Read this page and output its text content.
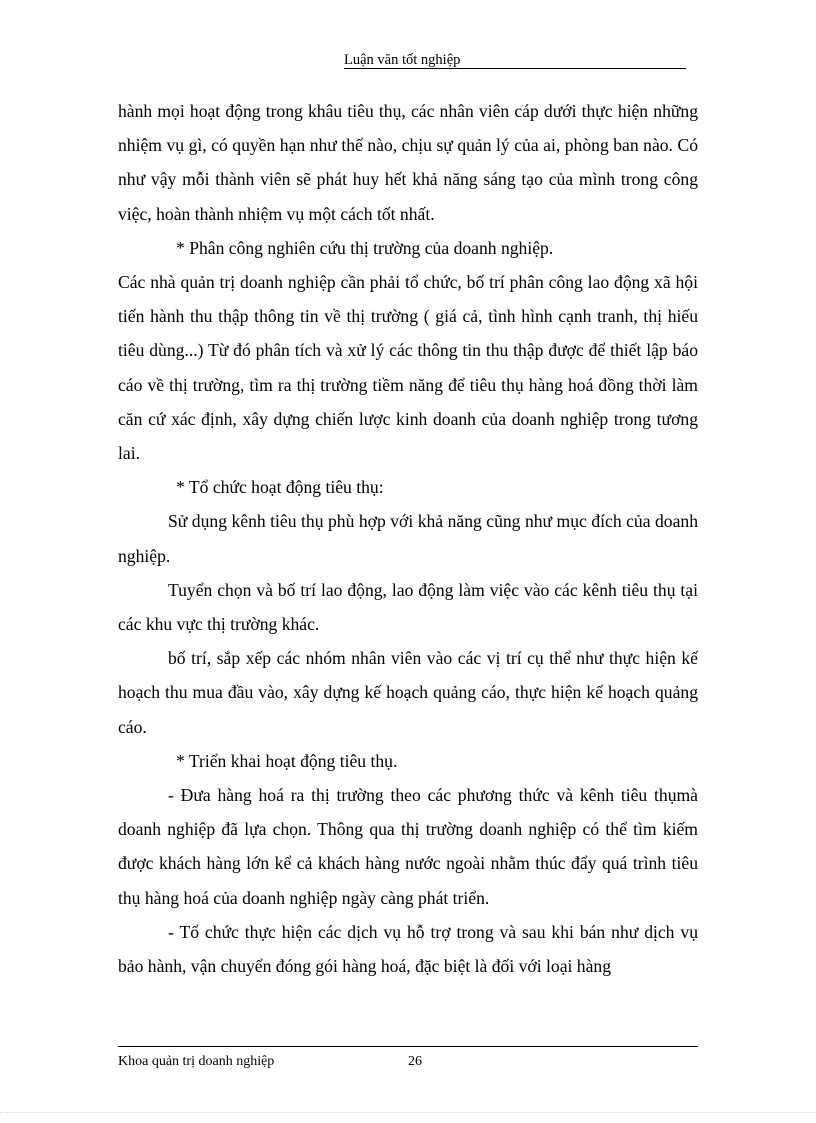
Luận văn tốt nghiệp

hành mọi hoạt động trong khâu tiêu thụ, các nhân viên cáp dưới thực hiện những nhiệm vụ gì, có quyền hạn như thế nào, chịu sự quản lý của ai, phòng ban nào. Có như vậy mỗi thành viên sẽ phát huy hết khả năng sáng tạo của mình trong công việc, hoàn thành nhiệm vụ một cách tốt nhất.

* Phân công nghiên cứu thị trường của doanh nghiệp.

Các nhà quản trị doanh nghiệp cần phải tổ chức, bố trí phân công lao động xã hội tiến hành thu thập thông tin về thị trường ( giá cả, tình hình cạnh tranh, thị hiếu tiêu dùng...) Từ đó phân tích và xử lý các thông tin thu thập được để thiết lập báo cáo về thị trường, tìm ra thị trường tiềm năng để tiêu thụ hàng hoá đồng thời làm căn cứ xác định, xây dựng chiến lược kinh doanh của doanh nghiệp trong tương lai.

* Tổ chức hoạt động tiêu thụ:

Sử dụng kênh tiêu thụ phù hợp với khả năng cũng như mục đích của doanh nghiệp.

Tuyển chọn và bố trí lao động, lao động làm việc vào các kênh tiêu thụ tại các khu vực thị trường khác.

bố trí, sắp xếp các nhóm nhân viên vào các vị trí cụ thể như thực hiện kế hoạch thu mua đầu vào, xây dựng kế hoạch quảng cáo, thực hiện kế hoạch quảng cáo.

* Triển khai hoạt động tiêu thụ.

- Đưa hàng hoá ra thị trường theo các phương thức và kênh tiêu thụmà doanh nghiệp đã lựa chọn. Thông qua thị trường doanh nghiệp có thể tìm kiếm được khách hàng lớn kể cả khách hàng nước ngoài nhằm thúc đẩy quá trình tiêu thụ hàng hoá của doanh nghiệp ngày càng phát triển.

- Tổ chức thực hiện các dịch vụ hỗ trợ trong và sau khi bán như dịch vụ bảo hành, vận chuyển đóng gói hàng hoá, đặc biệt là đối với loại hàng

Khoa quản trị doanh nghiệp	26
